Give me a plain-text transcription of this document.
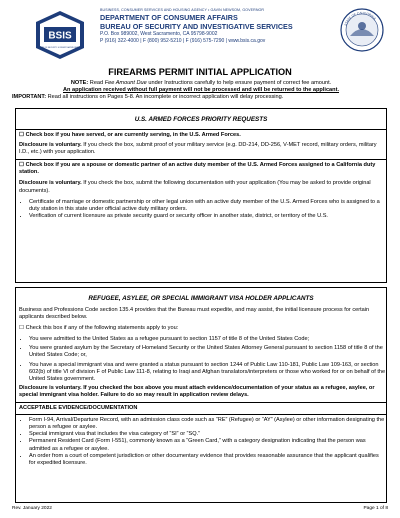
BSIS
BUREAU OF SECURITY & INVESTIGATIVE SERVICES
BUSINESS, CONSUMER SERVICES AND HOUSING AGENCY • GAVIN NEWSOM, GOVERNOR
DEPARTMENT OF CONSUMER AFFAIRS
BUREAU OF SECURITY AND INVESTIGATIVE SERVICES
P.O. Box 989002, West Sacramento, CA 95798-9002
P (916) 322-4000 | F (800) 952-5210 | F (916) 575-7290 | www.bsis.ca.gov
STATE OF CALIFORNIA
FIREARMS PERMIT INITIAL APPLICATION
NOTE: Read Fee Amount Due under Instructions carefully to help ensure payment of correct fee amount.
An application received without full payment will not be processed and will be returned to the applicant.
IMPORTANT: Read all instructions on Pages 5-8. An incomplete or incorrect application will delay processing.
U.S. ARMED FORCES PRIORITY REQUESTS
☐ Check box if you have served, or are currently serving, in the U.S. Armed Forces.
Disclosure is voluntary. If you check the box, submit proof of your military service (e.g. DD-214, DD-256, V-MET record, military orders, military I.D., etc.) with your application.
☐ Check box if you are a spouse or domestic partner of an active duty member of the U.S. Armed Forces assigned to a California duty station.
Disclosure is voluntary. If you check the box, submit the following documentation with your application (You may be asked to provide original documents).
• Certificate of marriage or domestic partnership or other legal union with an active duty member of the U.S. Armed Forces who is assigned to a duty station in this state under official active duty military orders.
• Verification of current licensure as private security guard or security officer in another state, district, or territory of the U.S.
REFUGEE, ASYLEE, OR SPECIAL IMMIGRANT VISA HOLDER APPLICANTS
Business and Professions Code section 135.4 provides that the Bureau must expedite, and may assist, the initial licensure process for certain applicants described below.
☐ Check this box if any of the following statements apply to you:
• You were admitted to the United States as a refugee pursuant to section 1157 of title 8 of the United States Code;
• You were granted asylum by the Secretary of Homeland Security or the United States Attorney General pursuant to section 1158 of title 8 of the United States Code; or,
• You have a special immigrant visa and were granted a status pursuant to section 1244 of Public Law 110-181, Public Law 109-163, or section 602(b) of title VI of division F of Public Law 111-8, relating to Iraqi and Afghan translators/interpreters or those who worked for or on behalf of the United States government.
Disclosure is voluntary. If you checked the box above you must attach evidence/documentation of your status as a refugee, asylee, or special immigrant visa holder. Failure to do so may result in application review delays.
ACCEPTABLE EVIDENCE/DOCUMENTATION
• Form I-94, Arrival/Departure Record, with an admission class code such as “RE” (Refugee) or “AY” (Asylee) or other information designating the person a refugee or asylee.
• Special immigrant visa that includes the visa category of “SI” or “SQ.”
• Permanent Resident Card (Form I-551), commonly known as a “Green Card,” with a category designation indicating that the person was admitted as a refugee or asylee.
• An order from a court of competent jurisdiction or other documentary evidence that provides reasonable assurance that the applicant qualifies for expedited licensure.
Rev. January 2022	Page 1 of 8
